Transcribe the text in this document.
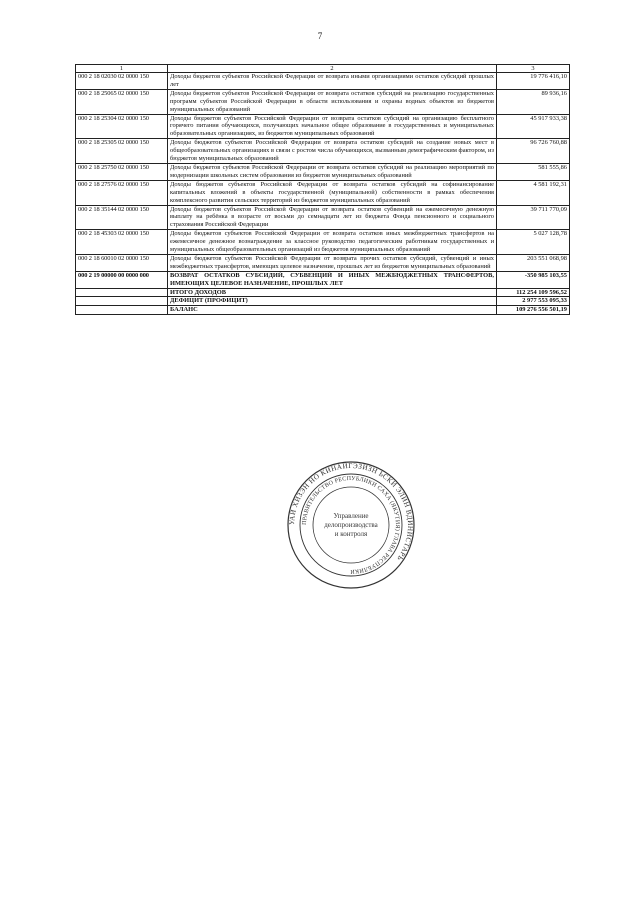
7
1	2	3
000 2 18 02030 02 0000 150	Доходы бюджетов субъектов Российской Федерации от возврата иными организациями остатков субсидий прошлых лет	19 776 416,10
000 2 18 25065 02 0000 150	Доходы бюджетов субъектов Российской Федерации от возврата остатков субсидий на реализацию государственных программ субъектов Российской Федерации в области использования и охраны водных объектов из бюджетов муниципальных образований	89 936,16
000 2 18 25304 02 0000 150	Доходы бюджетов субъектов Российской Федерации от возврата остатков субсидий на организацию бесплатного горячего питания обучающихся, получающих начальное общее образование в государственных и муниципальных образовательных организациях, из бюджетов муниципальных образований	45 917 933,38
000 2 18 25305 02 0000 150	Доходы бюджетов субъектов Российской Федерации от возврата остатков субсидий на создание новых мест в общеобразовательных организациях в связи с ростом числа обучающихся, вызванным демографическим фактором, из бюджетов муниципальных образований	96 726 760,88
000 2 18 25750 02 0000 150	Доходы бюджетов субъектов Российской Федерации от возврата остатков субсидий на реализацию мероприятий по модернизации школьных систем образования из бюджетов муниципальных образований	581 555,86
000 2 18 27576 02 0000 150	Доходы бюджетов субъектов Российской Федерации от возврата остатков субсидий на софинансирование капитальных вложений в объекты государственной (муниципальной) собственности в рамках обеспечения комплексного развития сельских территорий из бюджетов муниципальных образований	4 581 192,31
000 2 18 35144 02 0000 150	Доходы бюджетов субъектов Российской Федерации от возврата остатков субвенций на ежемесячную денежную выплату на ребёнка в возрасте от восьми до семнадцати лет из бюджета Фонда пенсионного и социального страхования Российской Федерации	39 711 770,09
000 2 18 45303 02 0000 150	Доходы бюджетов субъектов Российской Федерации от возврата остатков иных межбюджетных трансфертов на ежемесячное денежное вознаграждение за классное руководство педагогическим работникам государственных и муниципальных общеобразовательных организаций из бюджетов муниципальных образований	5 027 128,78
000 2 18 60010 02 0000 150	Доходы бюджетов субъектов Российской Федерации от возврата прочих остатков субсидий, субвенций и иных межбюджетных трансфертов, имеющих целевое назначение, прошлых лет из бюджетов муниципальных образований	203 551 068,98
000 2 19 00000 00 0000 000	ВОЗВРАТ ОСТАТКОВ СУБСИДИЙ, СУБВЕНЦИЙ И ИНЫХ МЕЖБЮДЖЕТНЫХ ТРАНСФЕРТОВ, ИМЕЮЩИХ ЦЕЛЕВОЕ НАЗНАЧЕНИЕ, ПРОШЛЫХ ЛЕТ	-350 985 103,55
	ИТОГО ДОХОДОВ	112 254 109 596,52
	ДЕФИЦИТ (ПРОФИЦИТ)	2 977 553 095,33
	БАЛАНС	109 276 556 501,19
УАЙ ХИЗЭН НО КИНАЙГЭЗИЗН ЬСКИ ЭЛИН ВДИНИСТАРЬ
ПРАВИТЕЛЬСТВО РЕСПУБЛИКИ САХА (ЯКУТИЯ) ГЛАВА РЕСПУБЛИКИ
Управление
делопроизводства
и контроля
